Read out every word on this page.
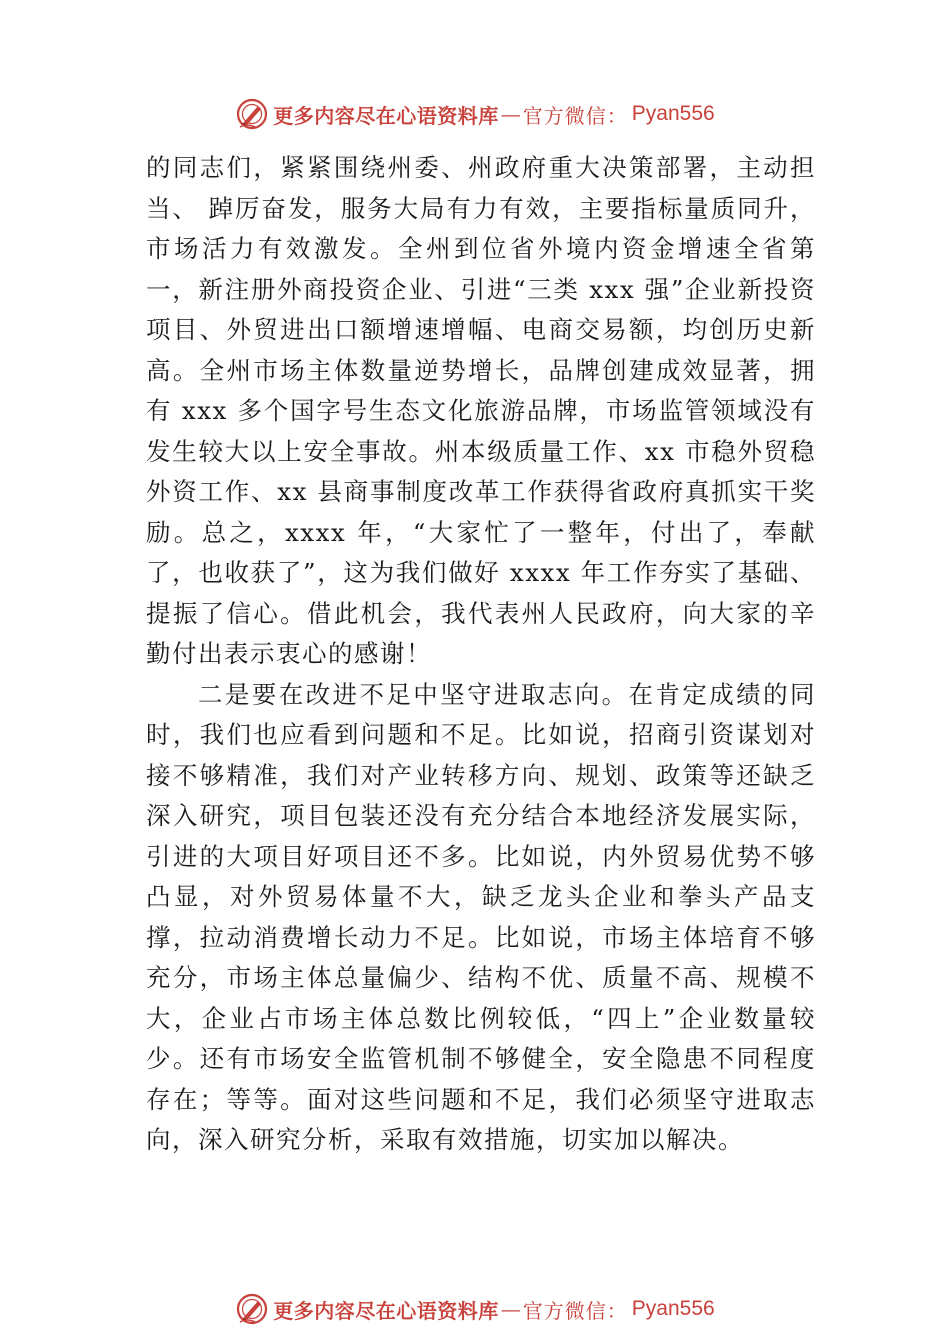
更多内容尽在心语资料库 — 官方微信： Pyan556

的同志们，紧紧围绕州委、州政府重大决策部署，主动担当、 踔厉奋发，服务大局有力有效，主要指标量质同升，市场活力有效激发。全州到位省外境内资金增速全省第一，新注册外商投资企业、引进“三类 xxx 强”企业新投资项目、外贸进出口额增速增幅、电商交易额，均创历史新高。全州市场主体数量逆势增长，品牌创建成效显著，拥有 xxx 多个国字号生态文化旅游品牌，市场监管领域没有发生较大以上安全事故。州本级质量工作、xx 市稳外贸稳外资工作、xx 县商事制度改革工作获得省政府真抓实干奖励。总之，xxxx 年，“大家忙了一整年，付出了，奉献了，也收获了”，这为我们做好 xxxx 年工作夯实了基础、提振了信心。借此机会，我代表州人民政府，向大家的辛勤付出表示衷心的感谢！

二是要在改进不足中坚守进取志向。在肯定成绩的同时，我们也应看到问题和不足。比如说，招商引资谋划对接不够精准，我们对产业转移方向、规划、政策等还缺乏深入研究，项目包装还没有充分结合本地经济发展实际，引进的大项目好项目还不多。比如说，内外贸易优势不够凸显，对外贸易体量不大，缺乏龙头企业和拳头产品支撑，拉动消费增长动力不足。比如说，市场主体培育不够充分，市场主体总量偏少、结构不优、质量不高、规模不大，企业占市场主体总数比例较低，“四上”企业数量较少。还有市场安全监管机制不够健全，安全隐患不同程度存在；等等。面对这些问题和不足，我们必须坚守进取志向，深入研究分析，采取有效措施，切实加以解决。

更多内容尽在心语资料库 — 官方微信： Pyan556
